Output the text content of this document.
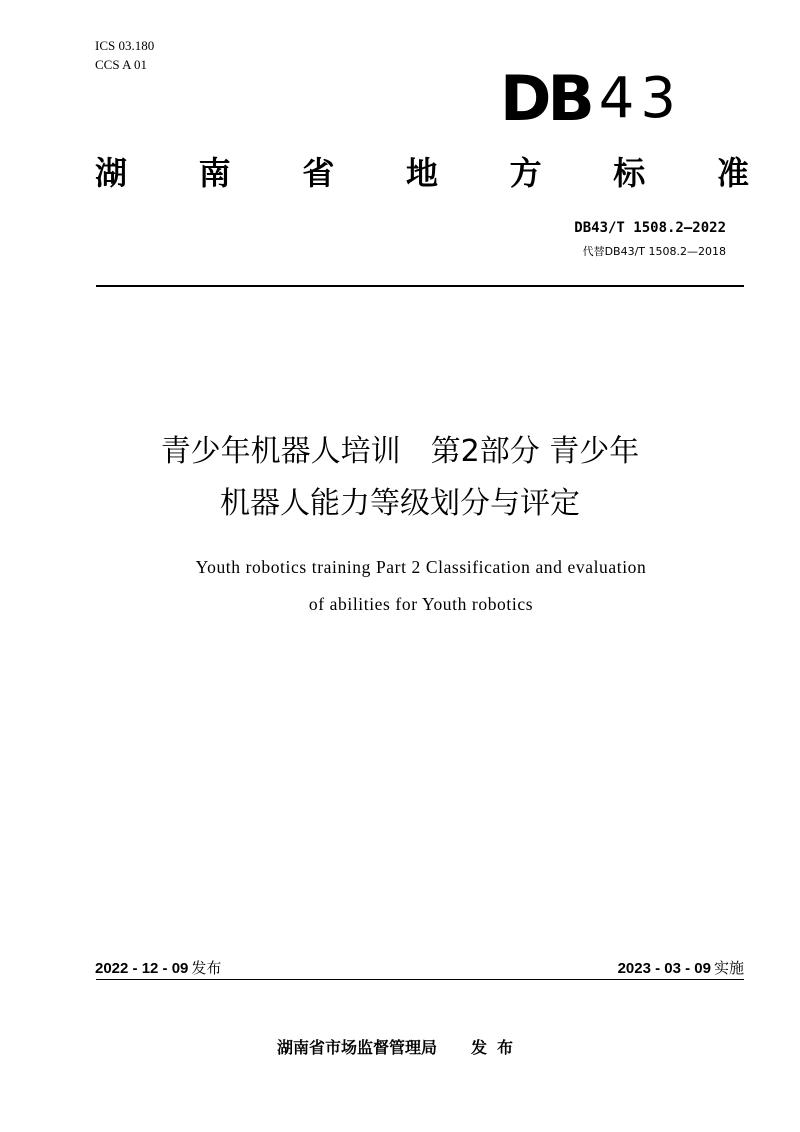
ICS 03.180
CCS A 01	DB 43
湖 南 省 地 方 标 准
DB43/T 1508.2—2022
代替DB43/T 1508.2—2018
青少年机器人培训　第2部分 青少年
机器人能力等级划分与评定
Youth robotics training Part 2 Classification and evaluation
of abilities for Youth robotics
2022 - 12 - 09 发布	2023 - 03 - 09 实施
湖南省市场监督管理局 发布
